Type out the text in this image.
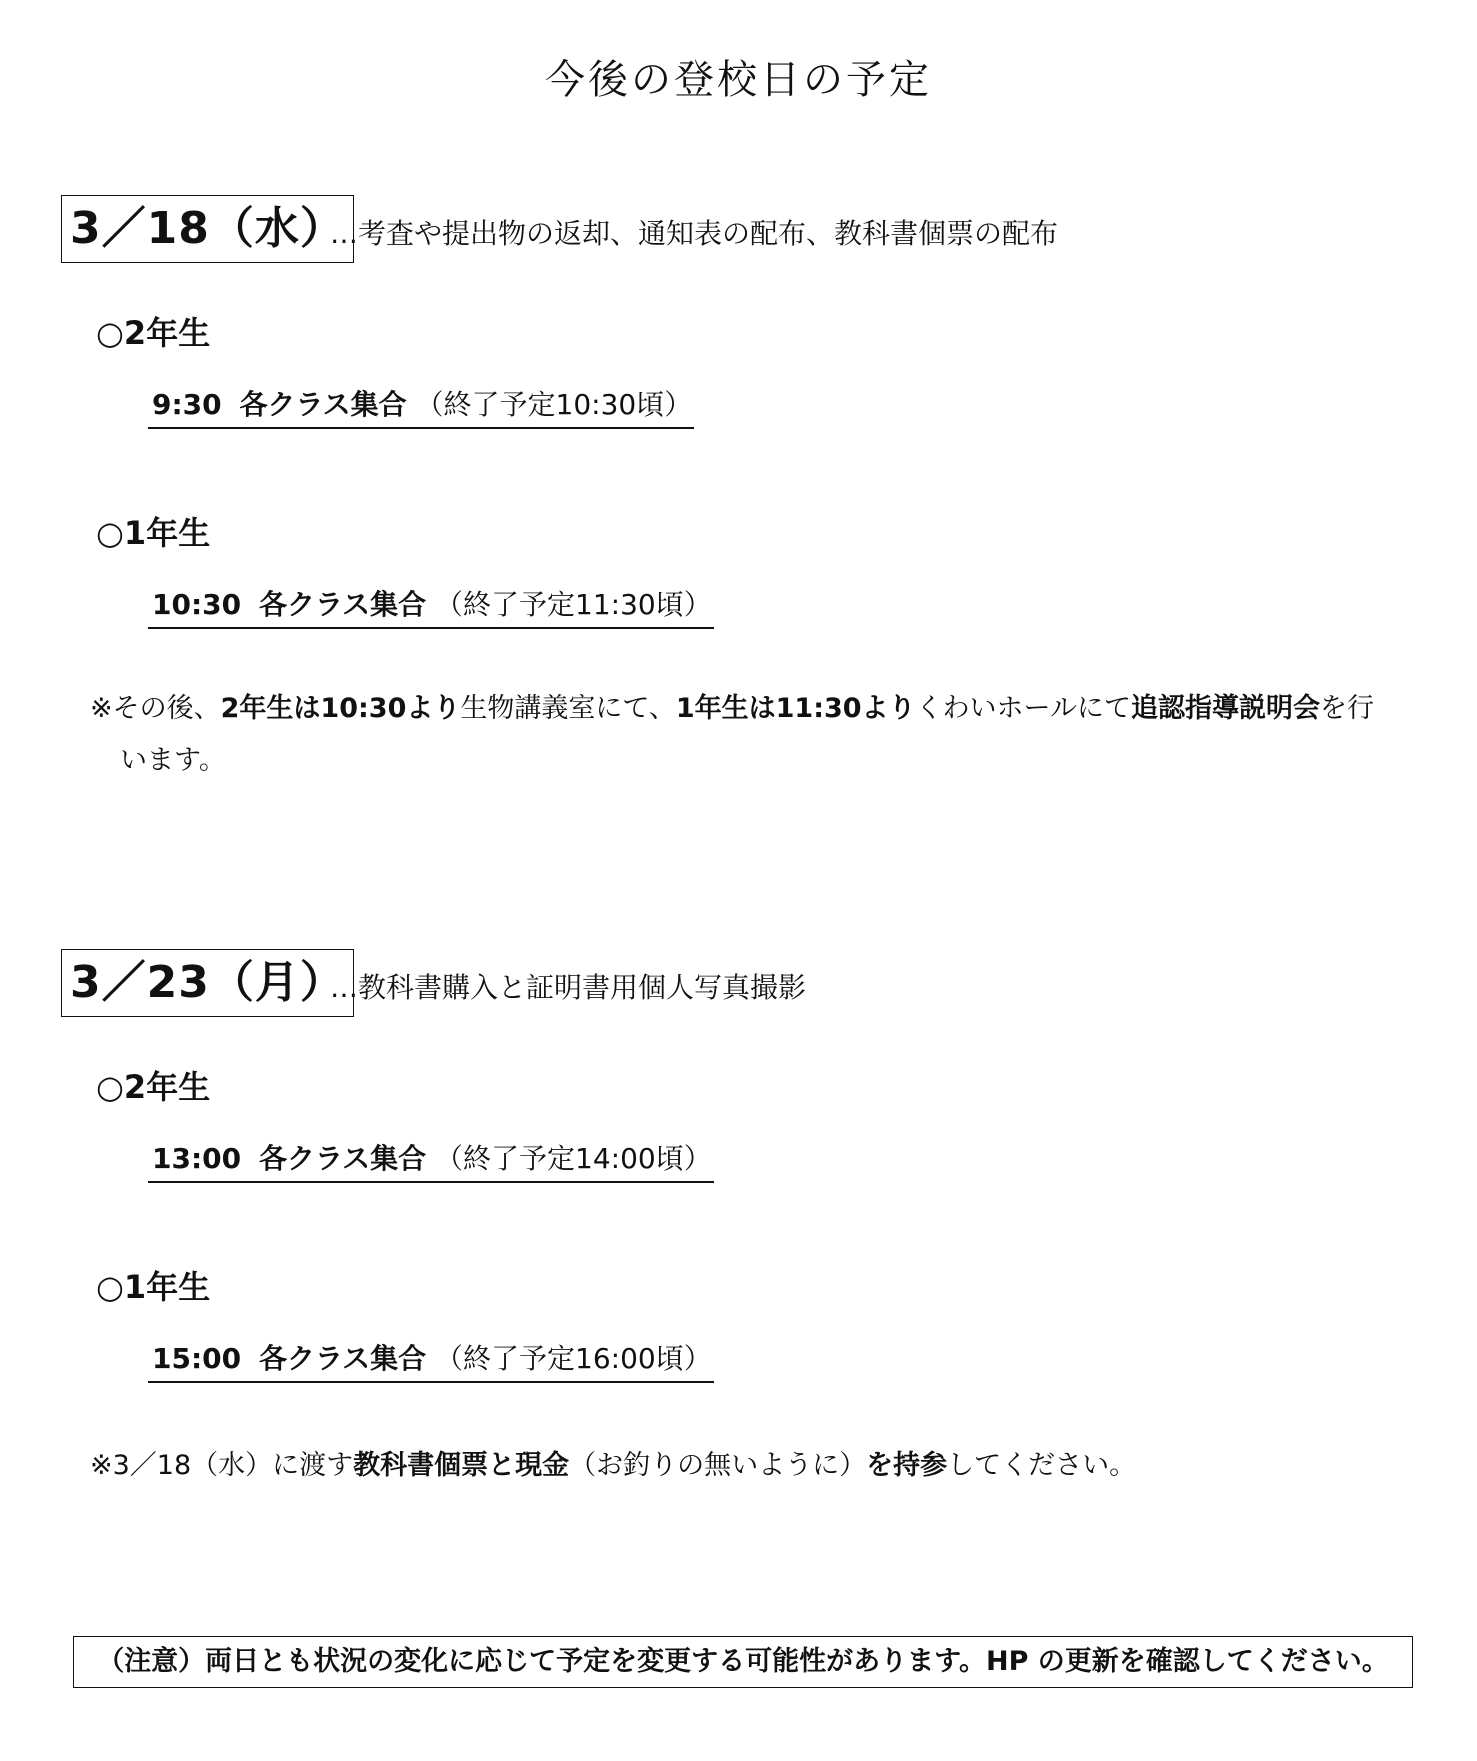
今後の登校日の予定
3／18（水）
…考査や提出物の返却、通知表の配布、教科書個票の配布
○2年生
9:30 各クラス集合 （終了予定10:30頃）
○1年生
10:30 各クラス集合 （終了予定11:30頃）
※その後、2年生は10:30より生物講義室にて、1年生は11:30よりくわいホールにて追認指導説明会を行
います。
3／23（月）
…教科書購入と証明書用個人写真撮影
○2年生
13:00 各クラス集合 （終了予定14:00頃）
○1年生
15:00 各クラス集合 （終了予定16:00頃）
※3／18（水）に渡す教科書個票と現金（お釣りの無いように）を持参してください。
（注意）両日とも状況の変化に応じて予定を変更する可能性があります。HP の更新を確認してください。
